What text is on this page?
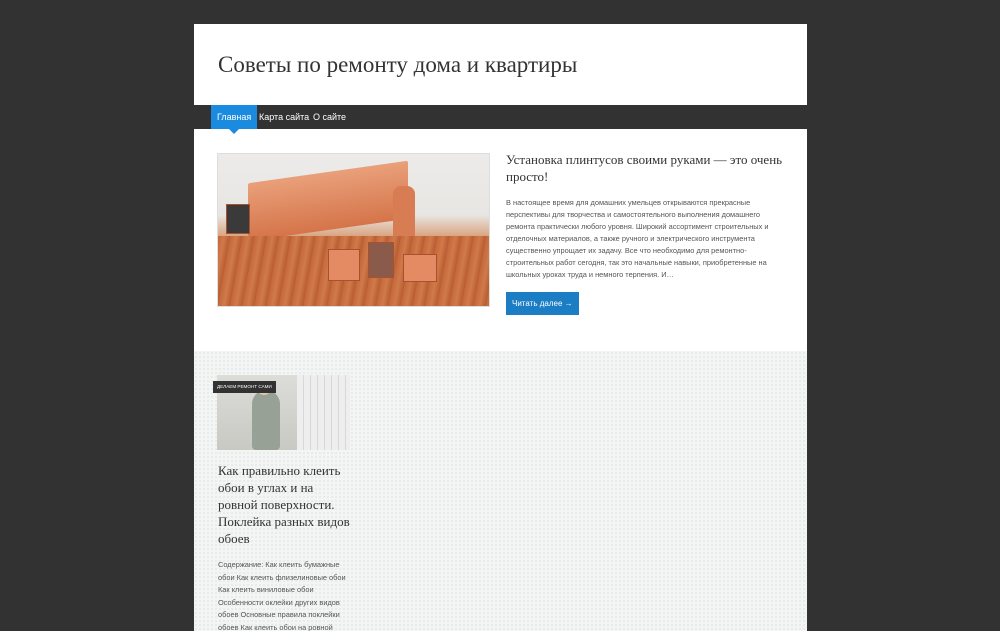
Советы по ремонту дома и квартиры
Главная Карта сайта О сайте
Установка плинтусов своими руками — это очень просто!

В настоящее время для домашних умельцев открываются прекрасные перспективы для творчества и самостоятельного выполнения домашнего ремонта практически любого уровня. Широкий ассортимент строительных и отделочных материалов, а также ручного и электрического инструмента существенно упрощает их задачу. Все что необходимо для ремонтно-строительных работ сегодня, так это начальные навыки, приобретенные на школьных уроках труда и немного терпения. И…

Читать далее →
ДЕЛАЕМ РЕМОНТ САМИ
Как правильно клеить обои в углах и на ровной поверхности. Поклейка разных видов обоев

Содержание: Как клеить бумажные обои Как клеить флизелиновые обои Как клеить виниловые обои Особенности оклейки других видов обоев Основные правила поклейки обоев Как клеить обои на ровной
